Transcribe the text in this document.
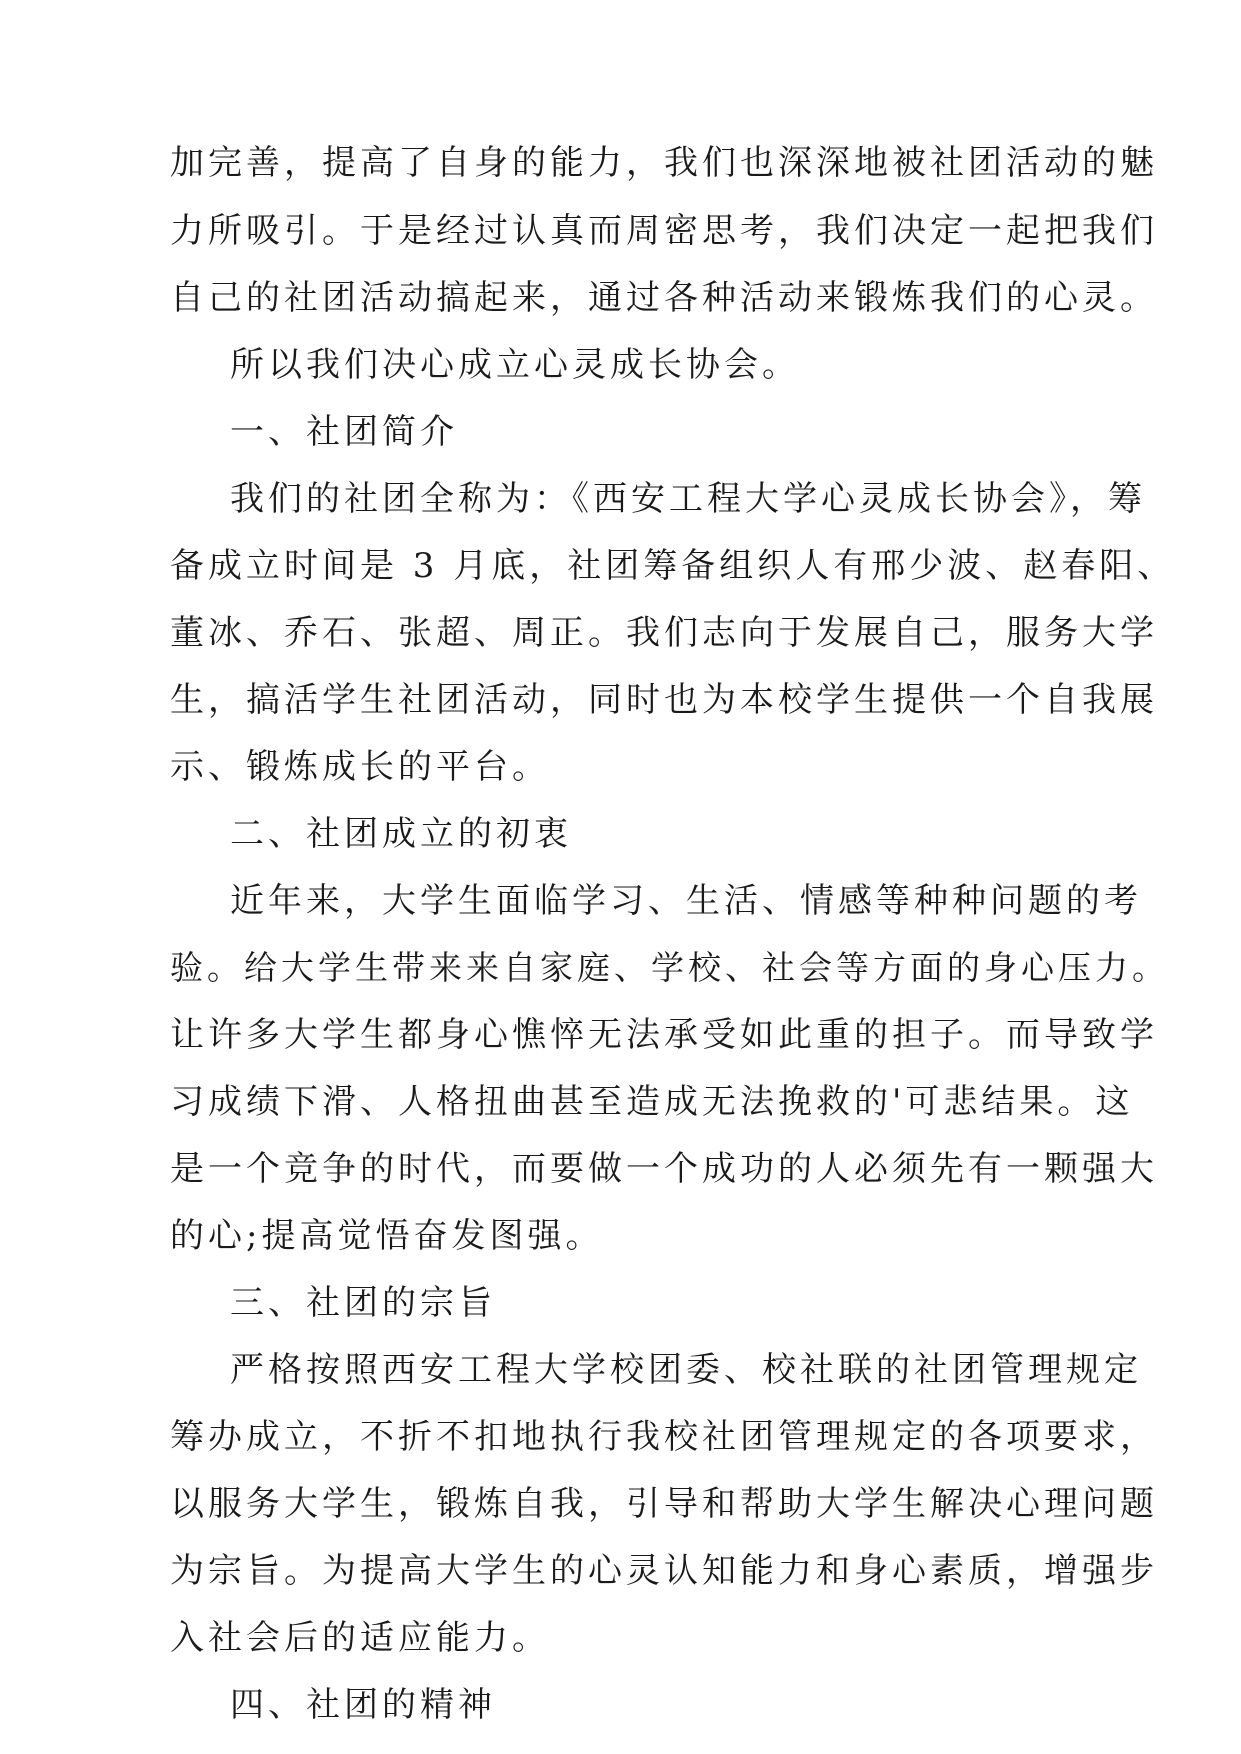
加完善，提高了自身的能力，我们也深深地被社团活动的魅
力所吸引。于是经过认真而周密思考，我们决定一起把我们
自己的社团活动搞起来，通过各种活动来锻炼我们的心灵。
所以我们决心成立心灵成长协会。
一、社团简介
我们的社团全称为：《西安工程大学心灵成长协会》，筹
备成立时间是 3 月底，社团筹备组织人有邢少波、赵春阳、
董冰、乔石、张超、周正。我们志向于发展自己，服务大学
生，搞活学生社团活动，同时也为本校学生提供一个自我展
示、锻炼成长的平台。
二、社团成立的初衷
近年来，大学生面临学习、生活、情感等种种问题的考
验。给大学生带来来自家庭、学校、社会等方面的身心压力。
让许多大学生都身心憔悴无法承受如此重的担子。而导致学
习成绩下滑、人格扭曲甚至造成无法挽救的'可悲结果。这
是一个竞争的时代，而要做一个成功的人必须先有一颗强大
的心;提高觉悟奋发图强。
三、社团的宗旨
严格按照西安工程大学校团委、校社联的社团管理规定
筹办成立，不折不扣地执行我校社团管理规定的各项要求，
以服务大学生，锻炼自我，引导和帮助大学生解决心理问题
为宗旨。为提高大学生的心灵认知能力和身心素质，增强步
入社会后的适应能力。
四、社团的精神
